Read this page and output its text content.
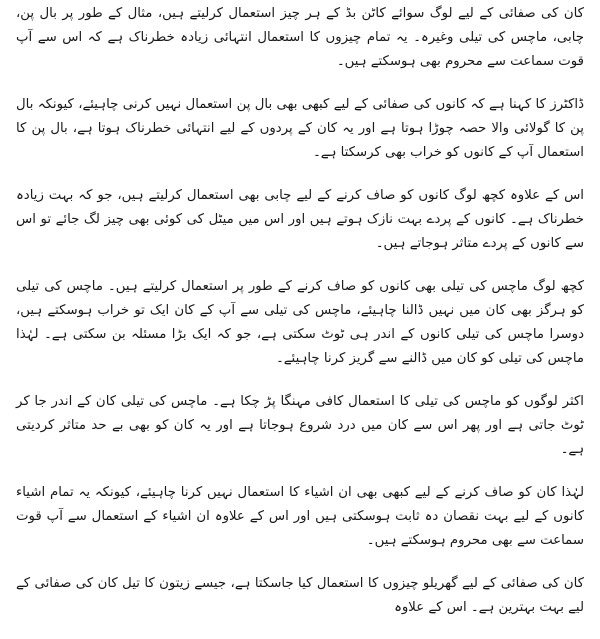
کان کی صفائی کے لیے لوگ سوائے کاٹن بڈ کے ہر چیز استعمال کرلیتے ہیں، مثال کے طور پر بال پن، چابی، ماچس کی تیلی وغیرہ۔ یہ تمام چیزوں کا استعمال انتہائی زیادہ خطرناک ہے کہ اس سے آپ قوت سماعت سے محروم بھی ہوسکتے ہیں۔

ڈاکٹرز کا کہنا ہے کہ کانوں کی صفائی کے لیے کبھی بھی بال پن استعمال نہیں کرنی چاہیئے، کیونکہ بال پن کا گولائی والا حصہ چوڑا ہوتا ہے اور یہ کان کے پردوں کے لیے انتہائی خطرناک ہوتا ہے، بال پن کا استعمال آپ کے کانوں کو خراب بھی کرسکتا ہے۔

اس کے علاوہ کچھ لوگ کانوں کو صاف کرنے کے لیے چابی بھی استعمال کرلیتے ہیں، جو کہ بہت زیادہ خطرناک ہے۔ کانوں کے پردے بہت نازک ہوتے ہیں اور اس میں میٹل کی کوئی بھی چیز لگ جائے تو اس سے کانوں کے پردے متاثر ہوجاتے ہیں۔

کچھ لوگ ماچس کی تیلی بھی کانوں کو صاف کرنے کے طور پر استعمال کرلیتے ہیں۔ ماچس کی تیلی کو ہرگز بھی کان میں نہیں ڈالنا چاہیئے، ماچس کی تیلی سے آپ کے کان ایک تو خراب ہوسکتے ہیں، دوسرا ماچس کی تیلی کانوں کے اندر ہی ٹوٹ سکتی ہے، جو کہ ایک بڑا مسئلہ بن سکتی ہے۔ لہٰذا ماچس کی تیلی کو کان میں ڈالنے سے گریز کرنا چاہیئے۔

اکثر لوگوں کو ماچس کی تیلی کا استعمال کافی مہنگا پڑ چکا ہے۔ ماچس کی تیلی کان کے اندر جا کر ٹوٹ جاتی ہے اور پھر اس سے کان میں درد شروع ہوجاتا ہے اور یہ کان کو بھی بے حد متاثر کردیتی ہے۔

لہٰذا کان کو صاف کرنے کے لیے کبھی بھی ان اشیاء کا استعمال نہیں کرنا چاہیئے، کیونکہ یہ تمام اشیاء کانوں کے لیے بہت نقصان دہ ثابت ہوسکتی ہیں اور اس کے علاوہ ان اشیاء کے استعمال سے آپ قوت سماعت سے بھی محروم ہوسکتے ہیں۔

کان کی صفائی کے لیے گھریلو چیزوں کا استعمال کیا جاسکتا ہے، جیسے زیتون کا تیل کان کی صفائی کے لیے بہت بہترین ہے۔ اس کے علاوہ
